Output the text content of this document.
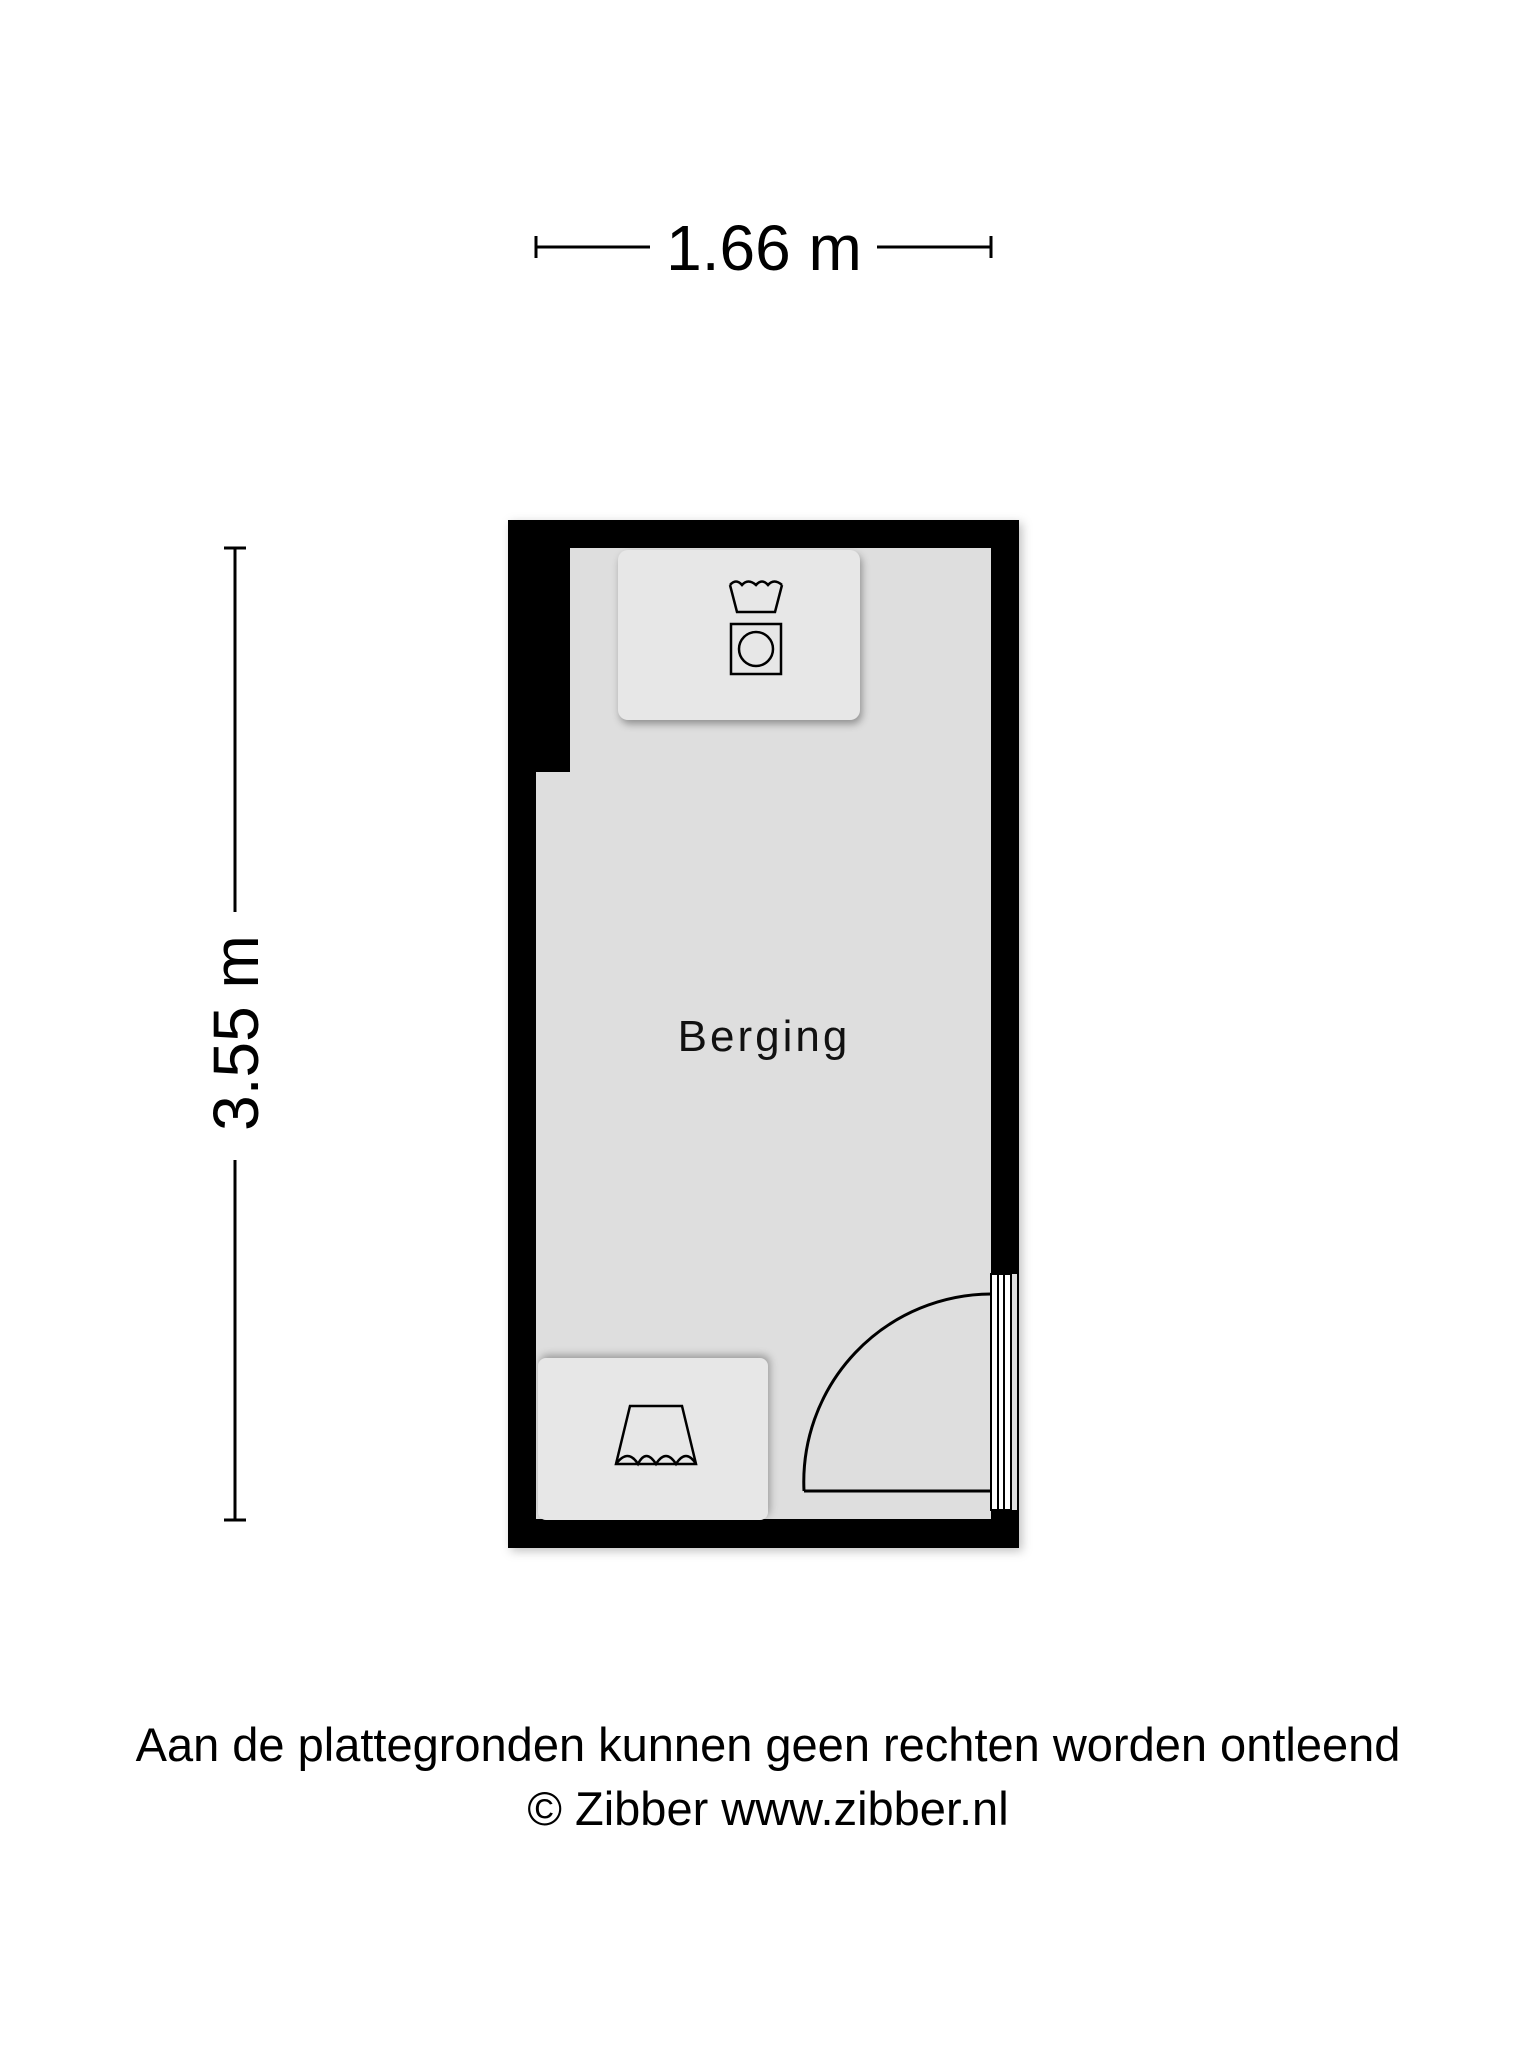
1.66 m
3.55 m	Berging
Aan de plattegronden kunnen geen rechten worden ontleend
© Zibber www.zibber.nl
